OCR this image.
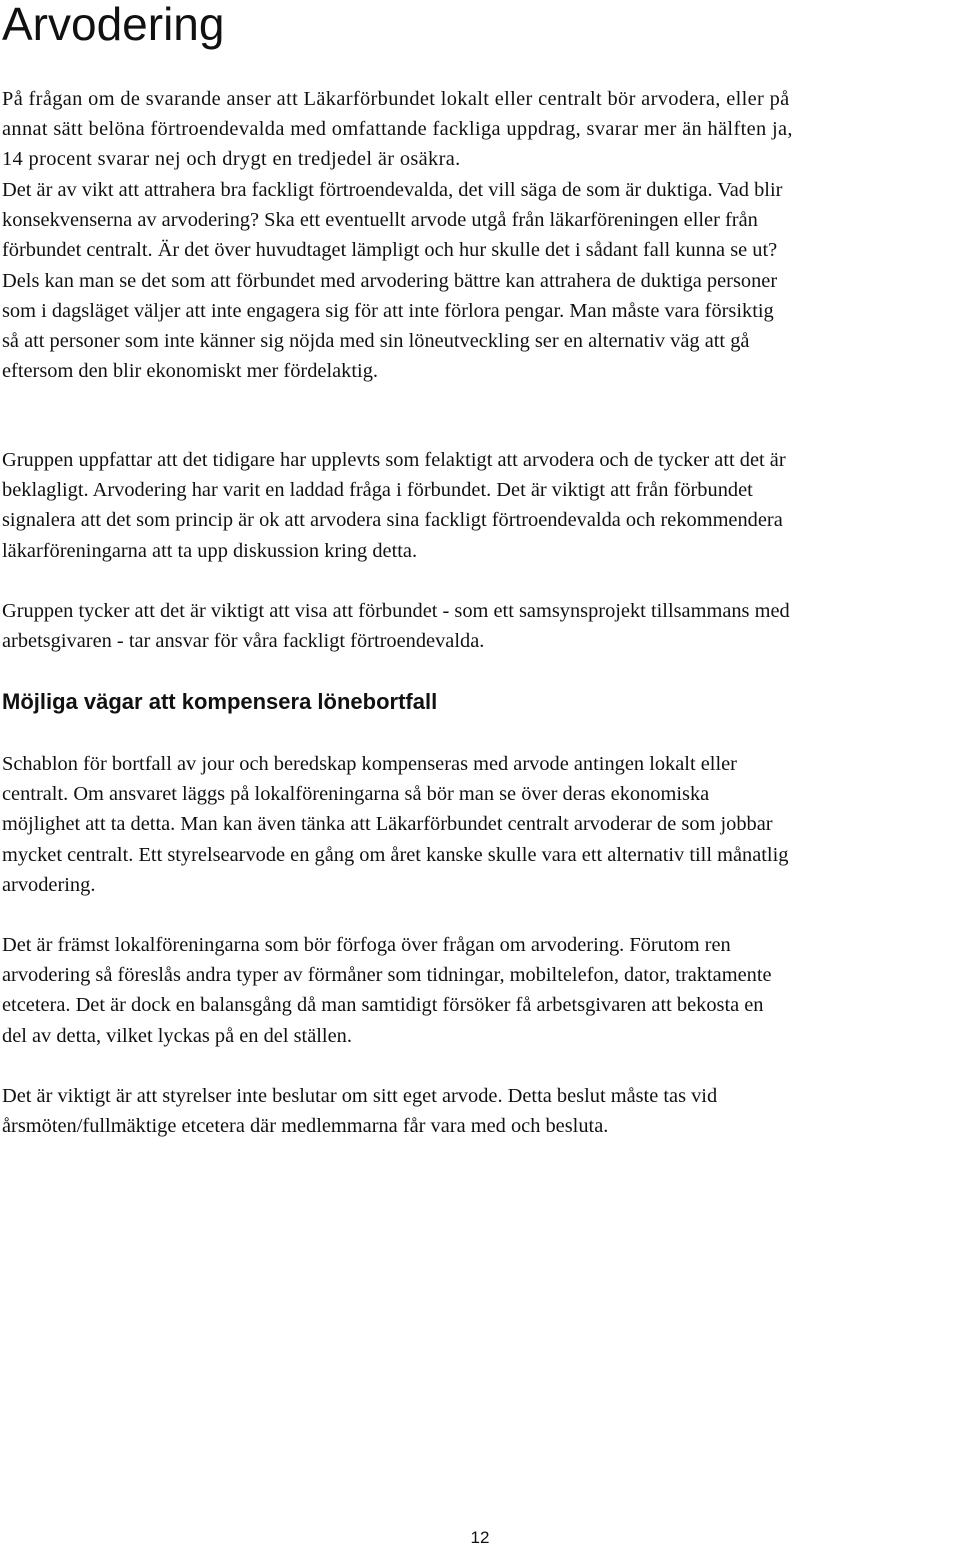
Arvodering

På frågan om de svarande anser att Läkarförbundet lokalt eller centralt bör arvodera, eller på
annat sätt belöna förtroendevalda med omfattande fackliga uppdrag, svarar mer än hälften ja,
14 procent svarar nej och drygt en tredjedel är osäkra.

Det är av vikt att attrahera bra fackligt förtroendevalda, det vill säga de som är duktiga. Vad blir
konsekvenserna av arvodering? Ska ett eventuellt arvode utgå från läkarföreningen eller från
förbundet centralt. Är det över huvudtaget lämpligt och hur skulle det i sådant fall kunna se ut?
Dels kan man se det som att förbundet med arvodering bättre kan attrahera de duktiga personer
som i dagsläget väljer att inte engagera sig för att inte förlora pengar. Man måste vara försiktig
så att personer som inte känner sig nöjda med sin löneutveckling ser en alternativ väg att gå
eftersom den blir ekonomiskt mer fördelaktig.

Gruppen uppfattar att det tidigare har upplevts som felaktigt att arvodera och de tycker att det är
beklagligt. Arvodering har varit en laddad fråga i förbundet. Det är viktigt att från förbundet
signalera att det som princip är ok att arvodera sina fackligt förtroendevalda och rekommendera
läkarföreningarna att ta upp diskussion kring detta.

Gruppen tycker att det är viktigt att visa att förbundet - som ett samsynsprojekt tillsammans med
arbetsgivaren - tar ansvar för våra fackligt förtroendevalda.

Möjliga vägar att kompensera lönebortfall

Schablon för bortfall av jour och beredskap kompenseras med arvode antingen lokalt eller
centralt. Om ansvaret läggs på lokalföreningarna så bör man se över deras ekonomiska
möjlighet att ta detta. Man kan även tänka att Läkarförbundet centralt arvoderar de som jobbar
mycket centralt. Ett styrelsearvode en gång om året kanske skulle vara ett alternativ till månatlig
arvodering.

Det är främst lokalföreningarna som bör förfoga över frågan om arvodering. Förutom ren
arvodering så föreslås andra typer av förmåner som tidningar, mobiltelefon, dator, traktamente
etcetera. Det är dock en balansgång då man samtidigt försöker få arbetsgivaren att bekosta en
del av detta, vilket lyckas på en del ställen.

Det är viktigt är att styrelser inte beslutar om sitt eget arvode. Detta beslut måste tas vid
årsmöten/fullmäktige etcetera där medlemmarna får vara med och besluta.

12
